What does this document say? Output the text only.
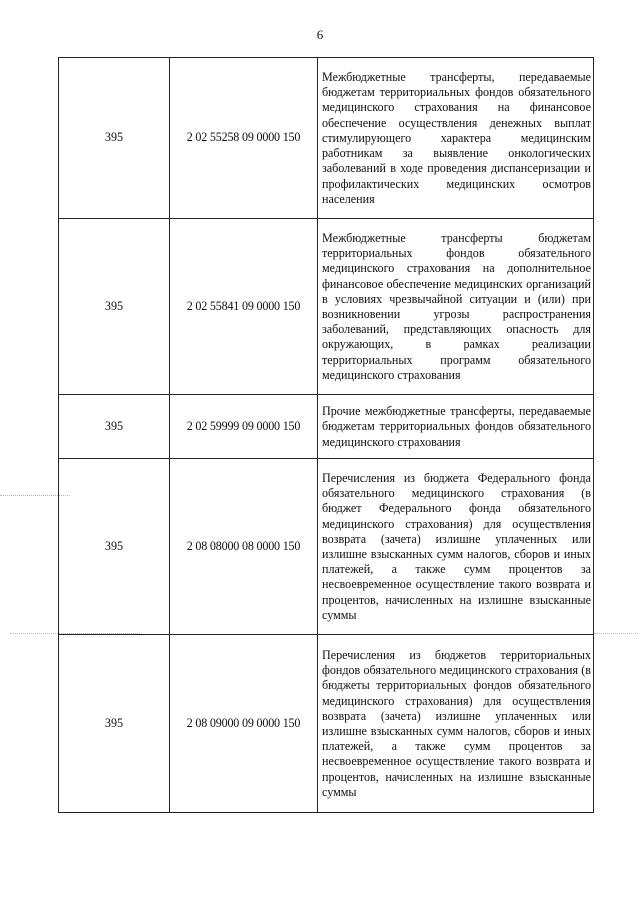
6
395	2 02 55258 09 0000 150	Межбюджетные трансферты, передаваемые бюджетам территориальных фондов обязательного медицинского страхования на финансовое обеспечение осуществления денежных выплат стимулирующего характера медицинским работникам за выявление онкологических заболеваний в ходе проведения диспансеризации и профилактических медицинских осмотров населения
395	2 02 55841 09 0000 150	Межбюджетные трансферты бюджетам территориальных фондов обязательного медицинского страхования на дополнительное финансовое обеспечение медицинских организаций в условиях чрезвычайной ситуации и (или) при возникновении угрозы распространения заболеваний, представляющих опасность для окружающих, в рамках реализации территориальных программ обязательного медицинского страхования
395	2 02 59999 09 0000 150	Прочие межбюджетные трансферты, передаваемые бюджетам территориальных фондов обязательного медицинского страхования
395	2 08 08000 08 0000 150	Перечисления из бюджета Федерального фонда обязательного медицинского страхования (в бюджет Федерального фонда обязательного медицинского страхования) для осуществления возврата (зачета) излишне уплаченных или излишне взысканных сумм налогов, сборов и иных платежей, а также сумм процентов за несвоевременное осуществление такого возврата и процентов, начисленных на излишне взысканные суммы
395	2 08 09000 09 0000 150	Перечисления из бюджетов территориальных фондов обязательного медицинского страхования (в бюджеты территориальных фондов обязательного медицинского страхования) для осуществления возврата (зачета) излишне уплаченных или излишне взысканных сумм налогов, сборов и иных платежей, а также сумм процентов за несвоевременное осуществление такого возврата и процентов, начисленных на излишне взысканные суммы
